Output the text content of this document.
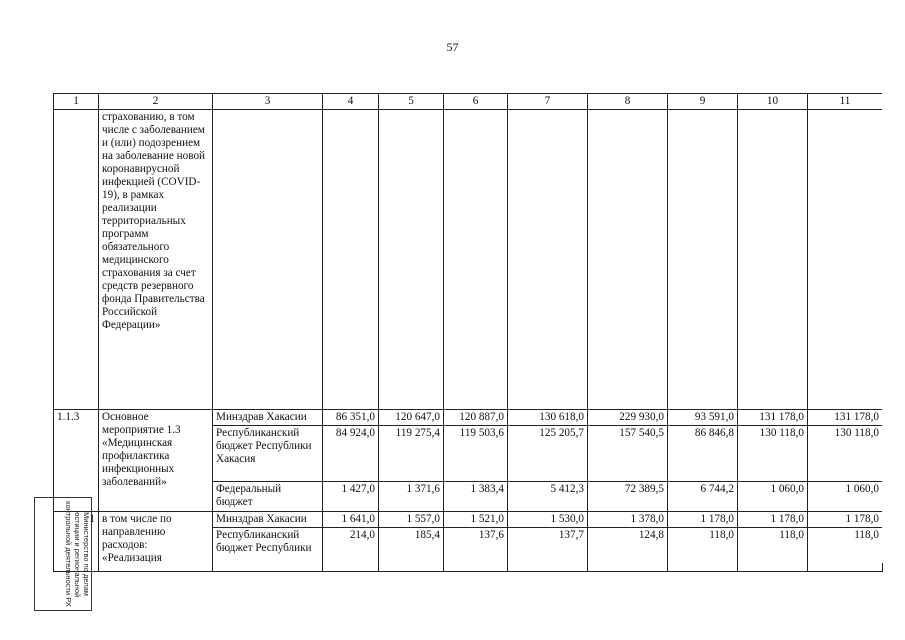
57
1	2	3	4	5	6	7	8	9	10	11
	страхованию, в том числе с заболеванием и (или) подозрением на заболевание новой коронавирусной инфекцией (COVID-19), в рамках реализации территориальных программ обязательного медицинского страхования за счет средств резервного фонда Правительства Российской Федерации»									
1.1.3	Основное мероприятие 1.3 «Медицинская профилактика инфекционных заболеваний»	Минздрав Хакасии	86 351,0	120 647,0	120 887,0	130 618,0	229 930,0	93 591,0	131 178,0	131 178,0
		Республиканский бюджет Республики Хакасия	84 924,0	119 275,4	119 503,6	125 205,7	157 540,5	86 846,8	130 118,0	130 118,0
		Федеральный бюджет	1 427,0	1 371,6	1 383,4	5 412,3	72 389,5	6 744,2	1 060,0	1 060,0
1	в том числе по направлению расходов: «Реализация	Минздрав Хакасии	1 641,0	1 557,0	1 521,0	1 530,0	1 378,0	1 178,0	1 178,0	1 178,0
		Республиканский бюджет Республики	214,0	185,4	137,6	137,7	124,8	118,0	118,0	118,0
Министерство по делам юстиции и региональной контрольной деятельности РХ
